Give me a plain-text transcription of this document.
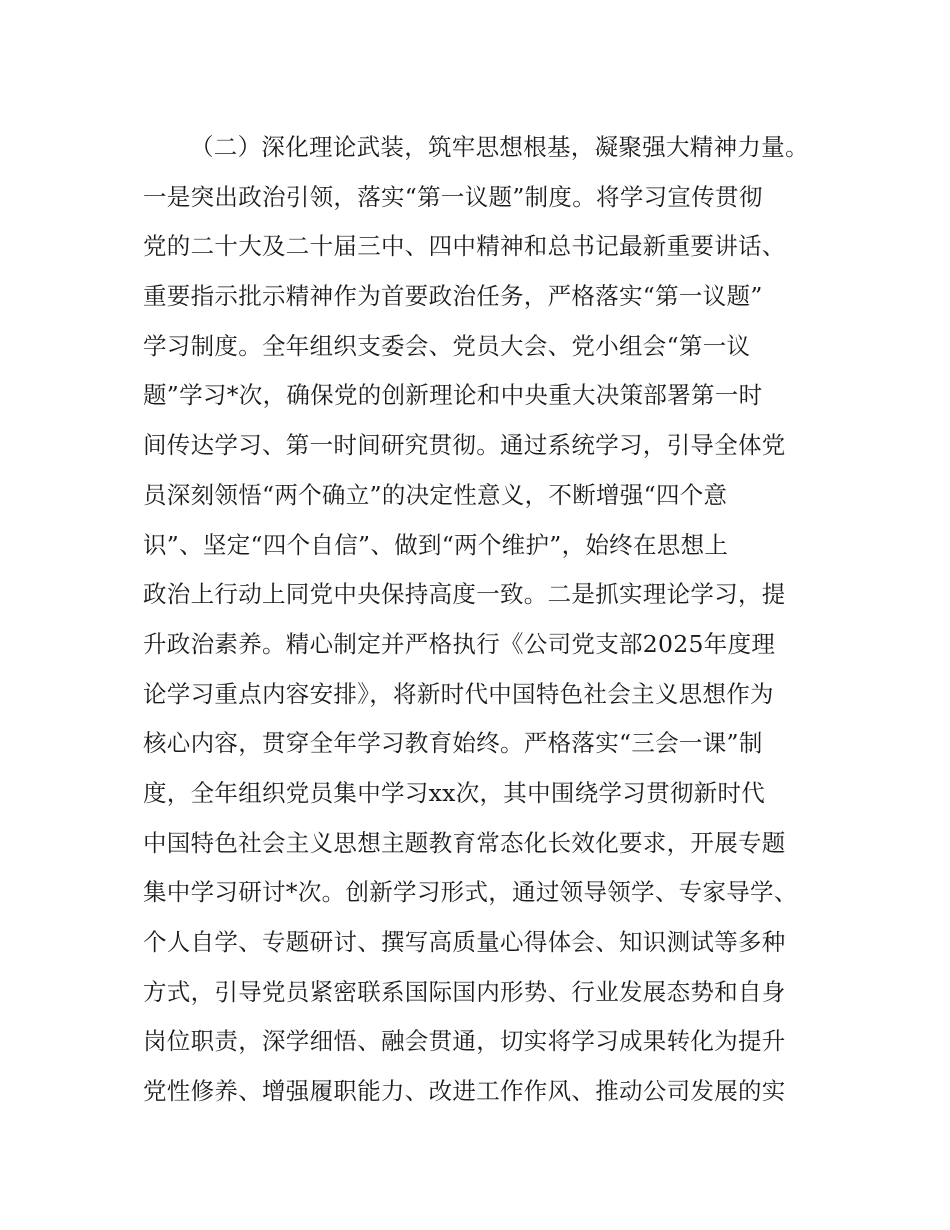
（二）深化理论武装，筑牢思想根基，凝聚强大精神力量。
一是突出政治引领，落实“第一议题”制度。将学习宣传贯彻
党的二十大及二十届三中、四中精神和总书记最新重要讲话、
重要指示批示精神作为首要政治任务，严格落实“第一议题”
学习制度。全年组织支委会、党员大会、党小组会“第一议
题”学习*次，确保党的创新理论和中央重大决策部署第一时
间传达学习、第一时间研究贯彻。通过系统学习，引导全体党
员深刻领悟“两个确立”的决定性意义，不断增强“四个意
识”、坚定“四个自信”、做到“两个维护”，始终在思想上
政治上行动上同党中央保持高度一致。二是抓实理论学习，提
升政治素养。精心制定并严格执行《公司党支部2025年度理
论学习重点内容安排》，将新时代中国特色社会主义思想作为
核心内容，贯穿全年学习教育始终。严格落实“三会一课”制
度，全年组织党员集中学习xx次，其中围绕学习贯彻新时代
中国特色社会主义思想主题教育常态化长效化要求，开展专题
集中学习研讨*次。创新学习形式，通过领导领学、专家导学、
个人自学、专题研讨、撰写高质量心得体会、知识测试等多种
方式，引导党员紧密联系国际国内形势、行业发展态势和自身
岗位职责，深学细悟、融会贯通，切实将学习成果转化为提升
党性修养、增强履职能力、改进工作作风、推动公司发展的实
